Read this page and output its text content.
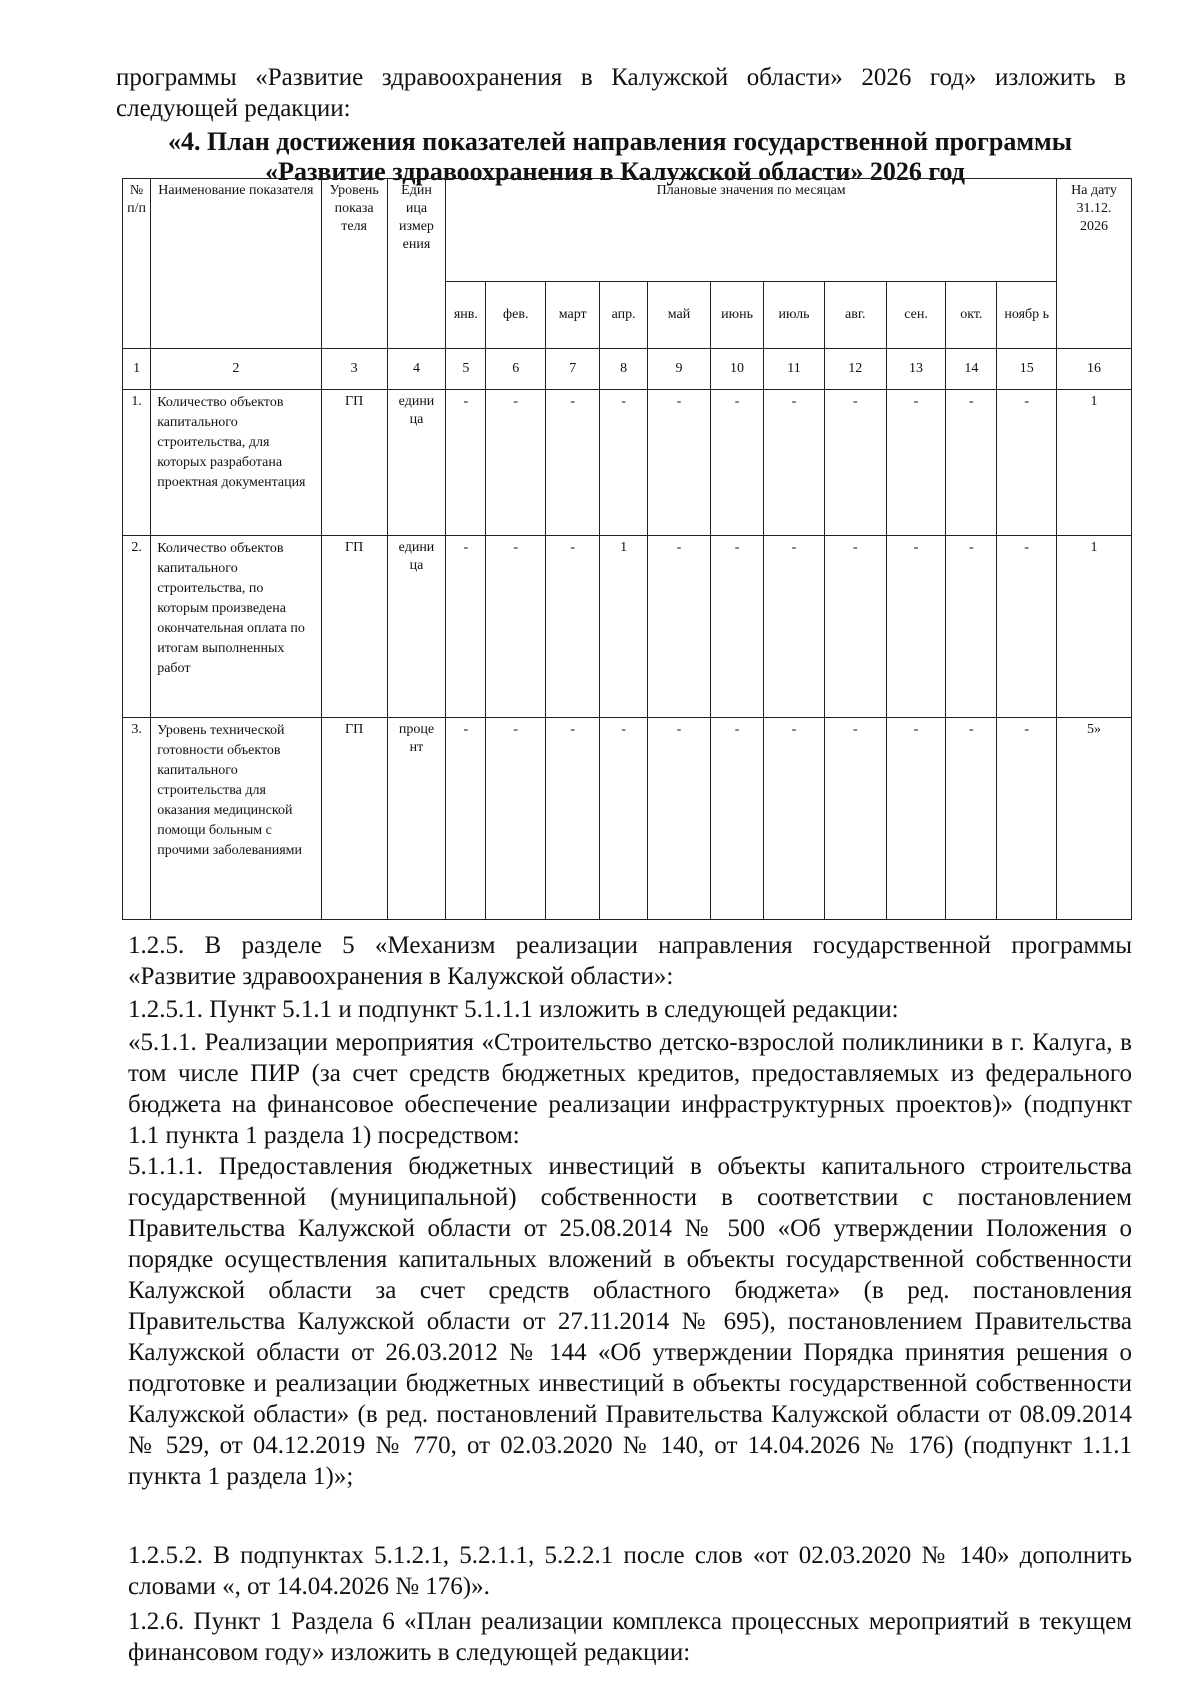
программы «Развитие здравоохранения в Калужской области» 2026 год» изложить в следующей редакции:
«4. План достижения показателей направления государственной программы
«Развитие здравоохранения в Калужской области» 2026 год
№ п/п	Наименование показателя	Уровень показа теля	Един ица измер ения	Плановые значения по месяцам											На дату 31.12. 2026
				янв.	фев.	март	апр.	май	июнь	июль	авг.	сен.	окт.	ноябр ь	
1	2	3	4	5	6	7	8	9	10	11	12	13	14	15	16
1.	Количество объектов капитального строительства, для которых разработана проектная документация	ГП	едини ца	-	-	-	-	-	-	-	-	-	-	-	1
2.	Количество объектов капитального строительства, по которым произведена окончательная оплата по итогам выполненных работ	ГП	едини ца	-	-	-	1	-	-	-	-	-	-	-	1
3.	Уровень технической готовности объектов капитального строительства для оказания медицинской помощи больным с прочими заболеваниями	ГП	проце нт	-	-	-	-	-	-	-	-	-	-	-	5»
1.2.5. В разделе 5 «Механизм реализации направления государственной программы «Развитие здравоохранения в Калужской области»:
1.2.5.1. Пункт 5.1.1 и подпункт 5.1.1.1 изложить в следующей редакции:
«5.1.1. Реализации мероприятия «Строительство детско-взрослой поликлиники в г. Калуга, в том числе ПИР (за счет средств бюджетных кредитов, предоставляемых из федерального бюджета на финансовое обеспечение реализации инфраструктурных проектов)» (подпункт 1.1 пункта 1 раздела 1) посредством:
5.1.1.1. Предоставления бюджетных инвестиций в объекты капитального строительства государственной (муниципальной) собственности в соответствии с постановлением Правительства Калужской области от 25.08.2014 № 500 «Об утверждении Положения о порядке осуществления капитальных вложений в объекты государственной собственности Калужской области за счет средств областного бюджета» (в ред. постановления Правительства Калужской области от 27.11.2014 № 695), постановлением Правительства Калужской области от 26.03.2012 № 144 «Об утверждении Порядка принятия решения о подготовке и реализации бюджетных инвестиций в объекты государственной собственности Калужской области» (в ред. постановлений Правительства Калужской области от 08.09.2014 № 529, от 04.12.2019 № 770, от 02.03.2020 № 140, от 14.04.2026 № 176) (подпункт 1.1.1 пункта 1 раздела 1)»;
1.2.5.2. В подпунктах 5.1.2.1, 5.2.1.1, 5.2.2.1 после слов «от 02.03.2020 № 140» дополнить словами «, от 14.04.2026 № 176)».
1.2.6. Пункт 1 Раздела 6 «План реализации комплекса процессных мероприятий в текущем финансовом году» изложить в следующей редакции:
